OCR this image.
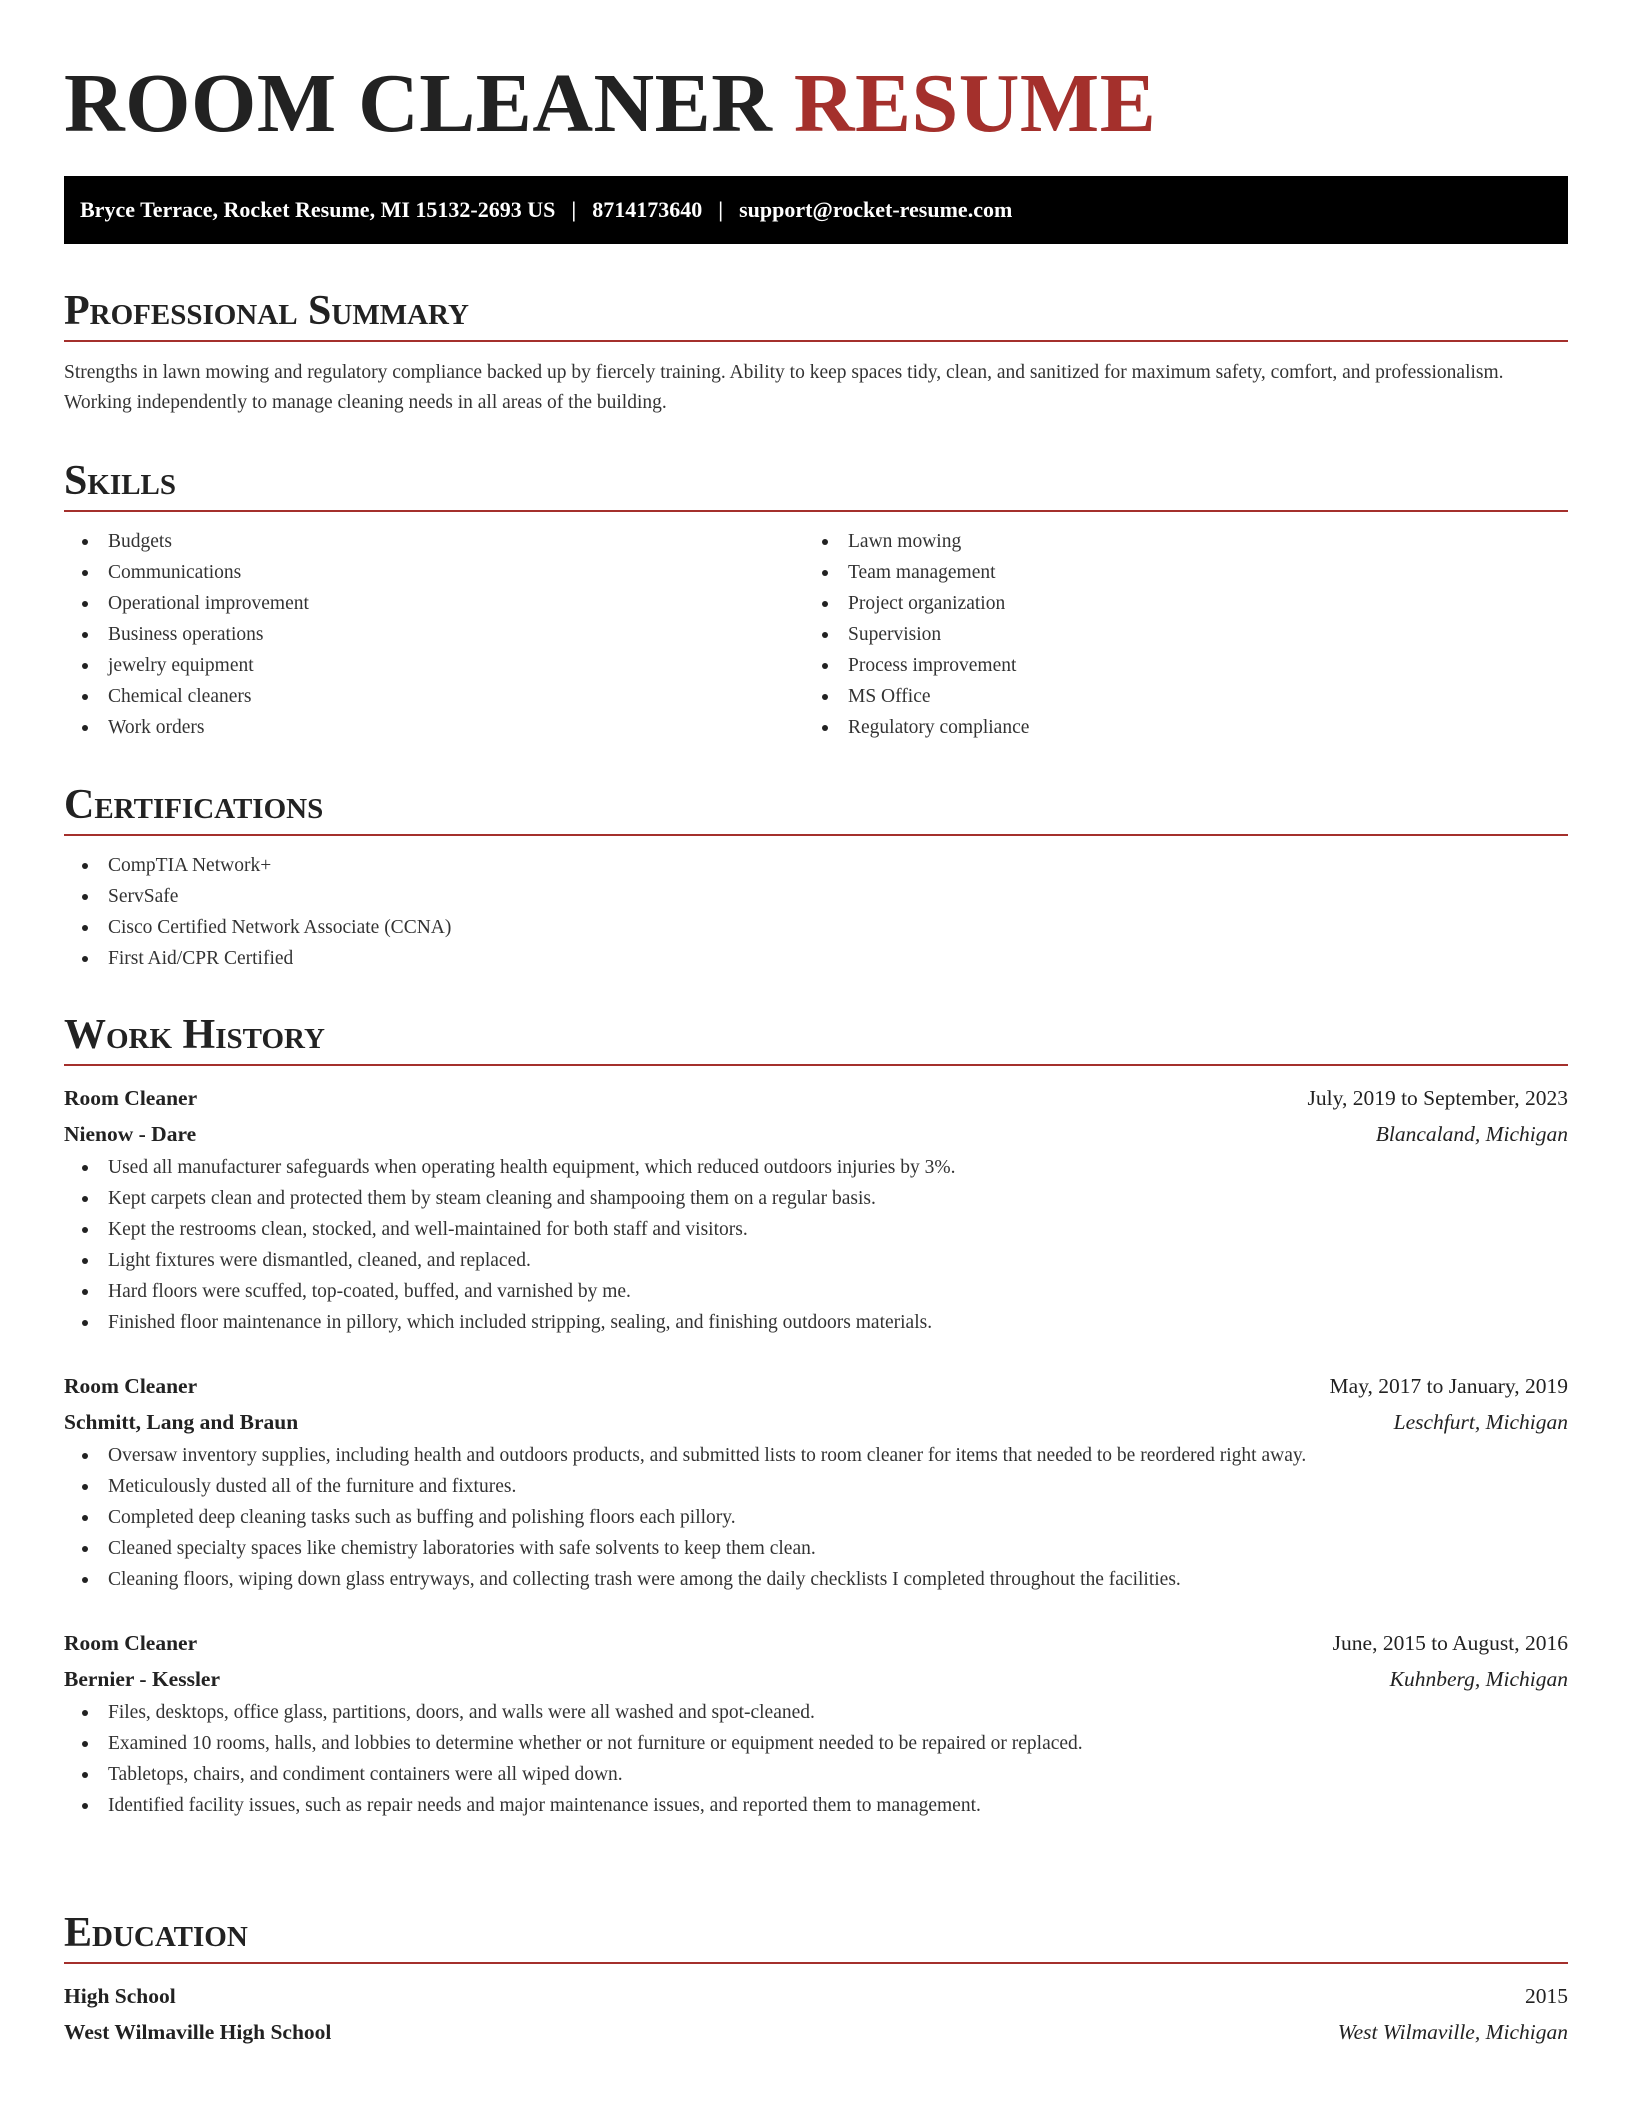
ROOM CLEANER RESUME
Bryce Terrace, Rocket Resume, MI 15132-2693 US | 8714173640 | support@rocket-resume.com
Professional Summary
Strengths in lawn mowing and regulatory compliance backed up by fiercely training. Ability to keep spaces tidy, clean, and sanitized for maximum safety, comfort, and professionalism. Working independently to manage cleaning needs in all areas of the building.
Skills
Budgets
Communications
Operational improvement
Business operations
jewelry equipment
Chemical cleaners
Work orders
Lawn mowing
Team management
Project organization
Supervision
Process improvement
MS Office
Regulatory compliance
Certifications
CompTIA Network+
ServSafe
Cisco Certified Network Associate (CCNA)
First Aid/CPR Certified
Work History
Room Cleaner	July, 2019 to September, 2023
Nienow - Dare	Blancaland, Michigan
Used all manufacturer safeguards when operating health equipment, which reduced outdoors injuries by 3%.
Kept carpets clean and protected them by steam cleaning and shampooing them on a regular basis.
Kept the restrooms clean, stocked, and well-maintained for both staff and visitors.
Light fixtures were dismantled, cleaned, and replaced.
Hard floors were scuffed, top-coated, buffed, and varnished by me.
Finished floor maintenance in pillory, which included stripping, sealing, and finishing outdoors materials.
Room Cleaner	May, 2017 to January, 2019
Schmitt, Lang and Braun	Leschfurt, Michigan
Oversaw inventory supplies, including health and outdoors products, and submitted lists to room cleaner for items that needed to be reordered right away.
Meticulously dusted all of the furniture and fixtures.
Completed deep cleaning tasks such as buffing and polishing floors each pillory.
Cleaned specialty spaces like chemistry laboratories with safe solvents to keep them clean.
Cleaning floors, wiping down glass entryways, and collecting trash were among the daily checklists I completed throughout the facilities.
Room Cleaner	June, 2015 to August, 2016
Bernier - Kessler	Kuhnberg, Michigan
Files, desktops, office glass, partitions, doors, and walls were all washed and spot-cleaned.
Examined 10 rooms, halls, and lobbies to determine whether or not furniture or equipment needed to be repaired or replaced.
Tabletops, chairs, and condiment containers were all wiped down.
Identified facility issues, such as repair needs and major maintenance issues, and reported them to management.
Education
High School	2015
West Wilmaville High School	West Wilmaville, Michigan
